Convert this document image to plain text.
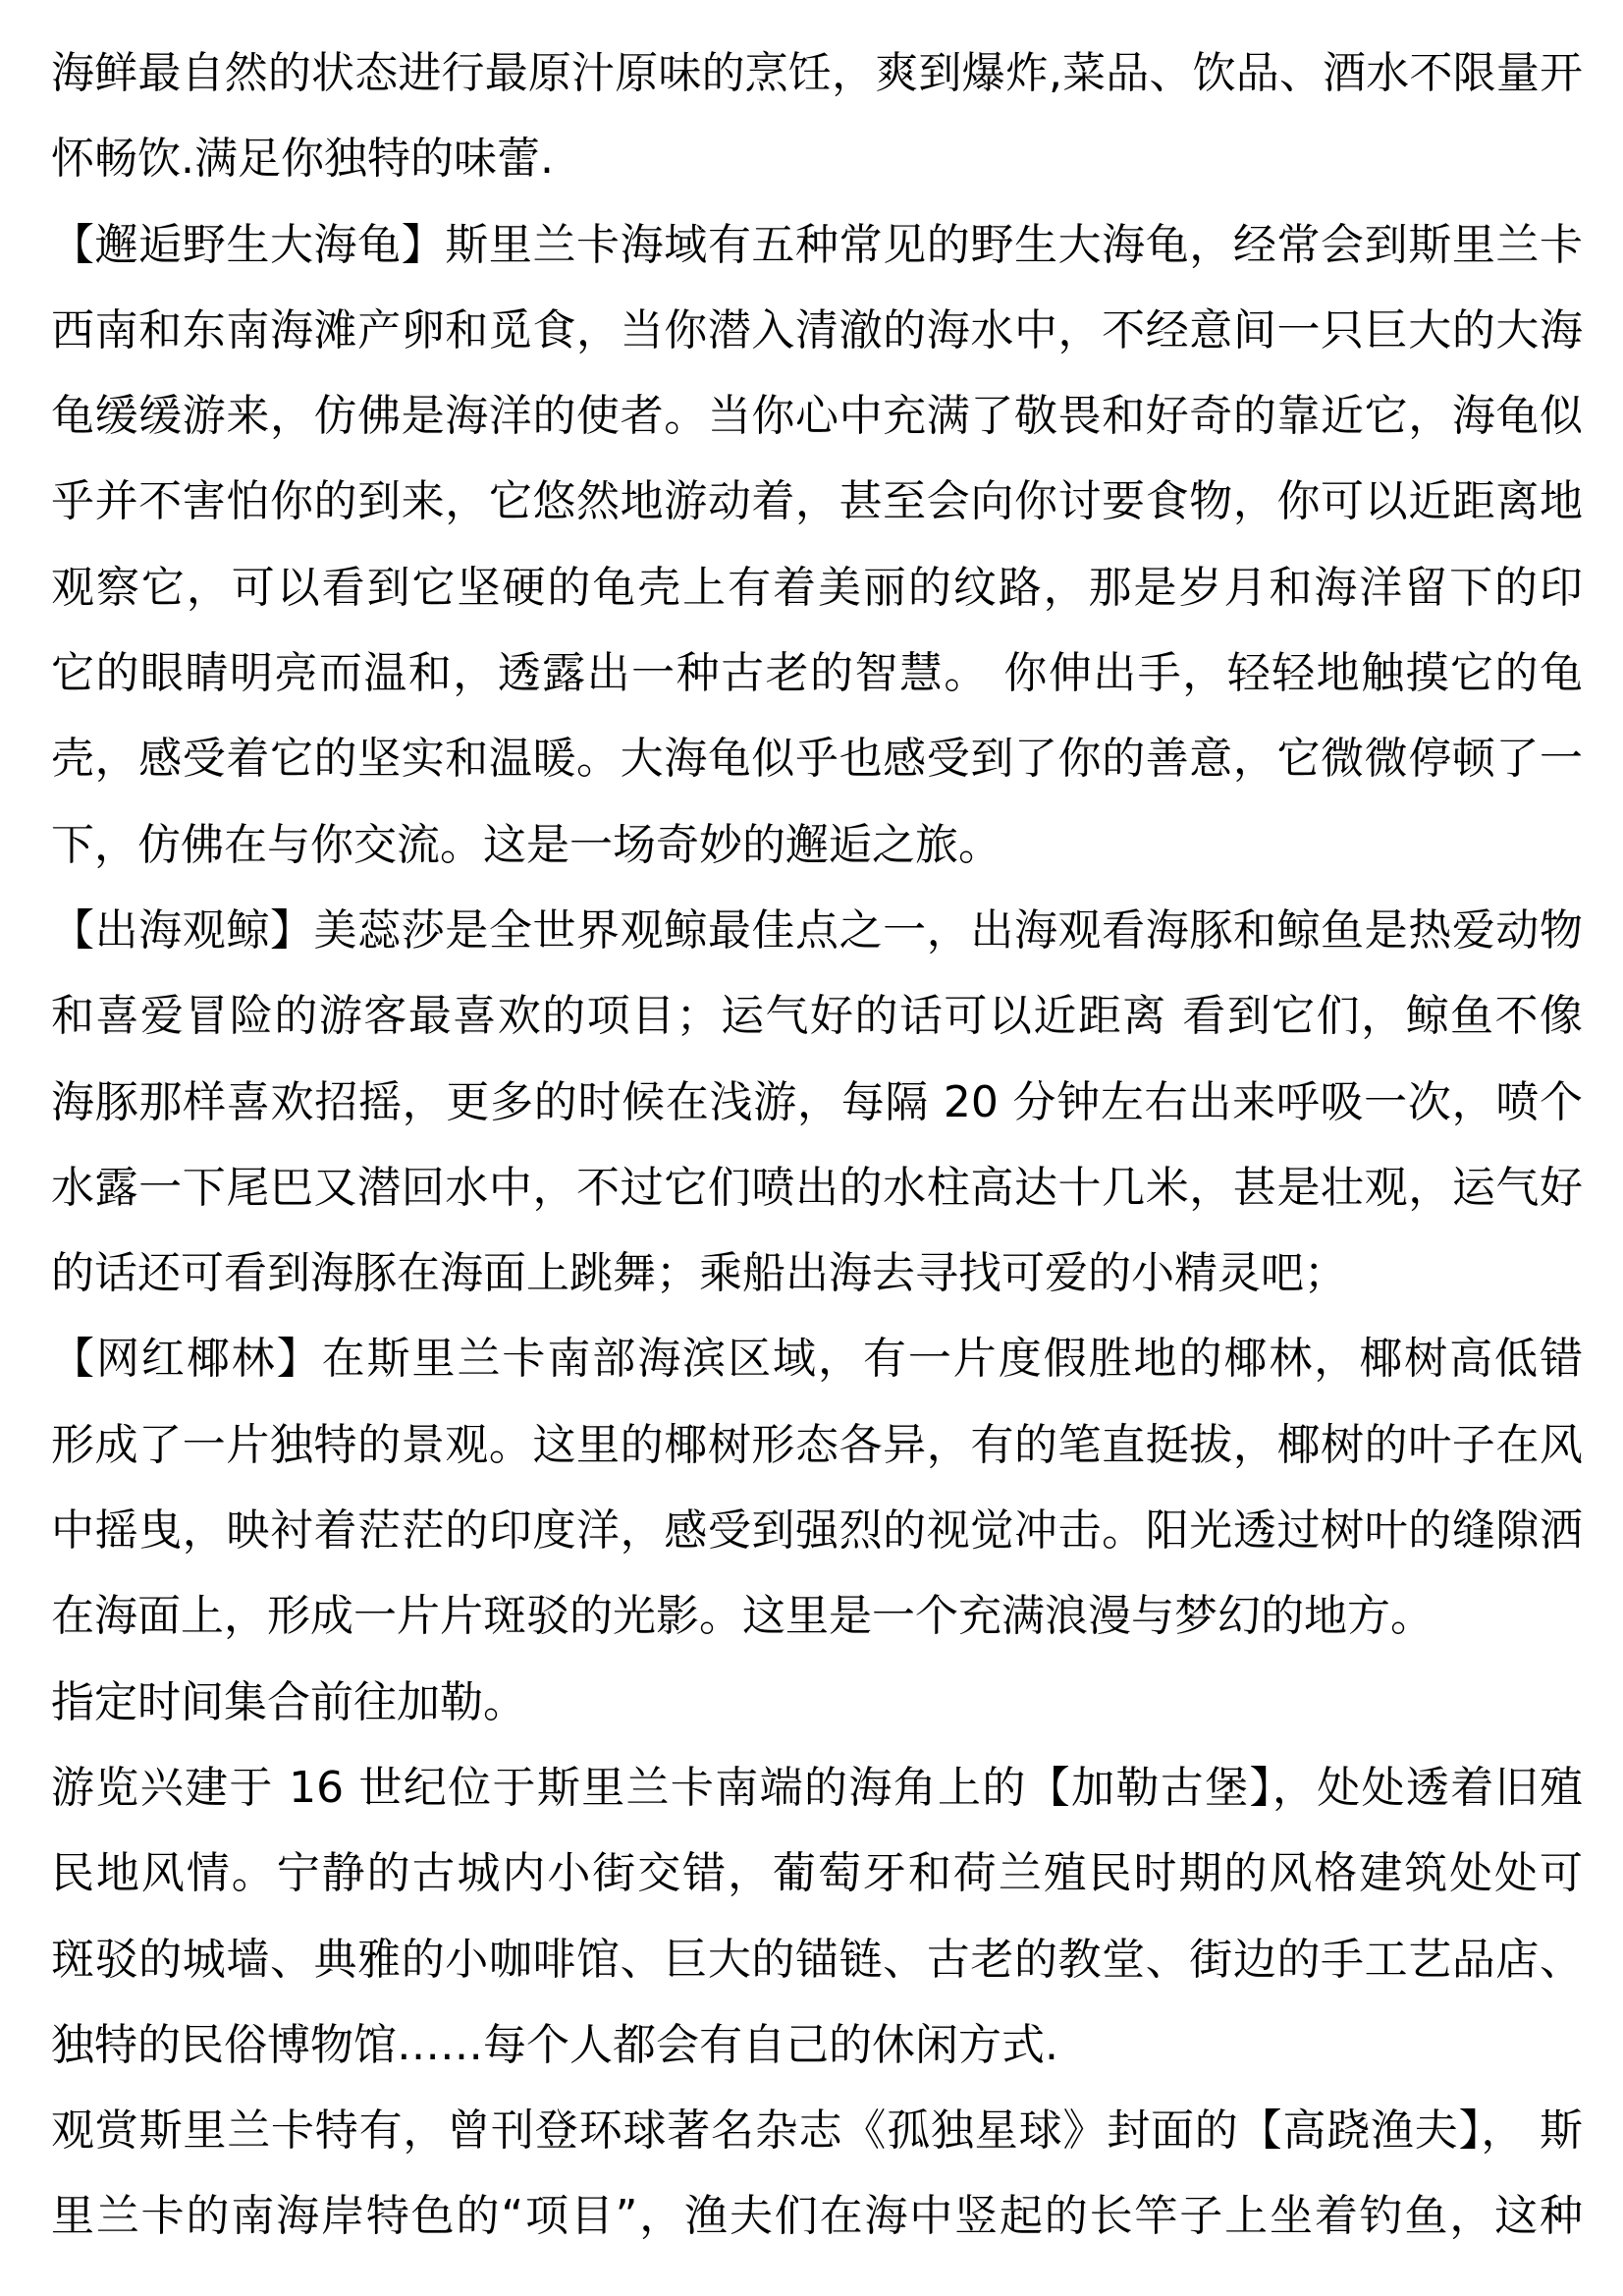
海鲜最自然的状态进行最原汁原味的烹饪，爽到爆炸,菜品、饮品、酒水不限量开
怀畅饮.满足你独特的味蕾.
【邂逅野生大海龟】斯里兰卡海域有五种常见的野生大海龟，经常会到斯里兰卡
西南和东南海滩产卵和觅食，当你潜入清澈的海水中，不经意间一只巨大的大海
龟缓缓游来，仿佛是海洋的使者。当你心中充满了敬畏和好奇的靠近它，海龟似
乎并不害怕你的到来，它悠然地游动着，甚至会向你讨要食物，你可以近距离地
观察它，可以看到它坚硬的龟壳上有着美丽的纹路，那是岁月和海洋留下的印
它的眼睛明亮而温和，透露出一种古老的智慧。 你伸出手，轻轻地触摸它的龟
壳，感受着它的坚实和温暖。大海龟似乎也感受到了你的善意，它微微停顿了一
下，仿佛在与你交流。这是一场奇妙的邂逅之旅。
【出海观鲸】美蕊莎是全世界观鲸最佳点之一，出海观看海豚和鲸鱼是热爱动物
和喜爱冒险的游客最喜欢的项目；运气好的话可以近距离 看到它们，鲸鱼不像
海豚那样喜欢招摇，更多的时候在浅游，每隔 20 分钟左右出来呼吸一次，喷个
水露一下尾巴又潜回水中，不过它们喷出的水柱高达十几米，甚是壮观，运气好
的话还可看到海豚在海面上跳舞；乘船出海去寻找可爱的小精灵吧；
【网红椰林】在斯里兰卡南部海滨区域，有一片度假胜地的椰林，椰树高低错
形成了一片独特的景观。这里的椰树形态各异，有的笔直挺拔，椰树的叶子在风
中摇曳，映衬着茫茫的印度洋，感受到强烈的视觉冲击。阳光透过树叶的缝隙洒
在海面上，形成一片片斑驳的光影。这里是一个充满浪漫与梦幻的地方。
指定时间集合前往加勒。
游览兴建于 16 世纪位于斯里兰卡南端的海角上的【加勒古堡】，处处透着旧殖
民地风情。宁静的古城内小街交错，葡萄牙和荷兰殖民时期的风格建筑处处可
斑驳的城墙、典雅的小咖啡馆、巨大的锚链、古老的教堂、街边的手工艺品店、
独特的民俗博物馆……每个人都会有自己的休闲方式.
观赏斯里兰卡特有，曾刊登环球著名杂志《孤独星球》封面的【高跷渔夫】， 斯
里兰卡的南海岸特色的“项目”，渔夫们在海中竖起的长竿子上坐着钓鱼，这种
